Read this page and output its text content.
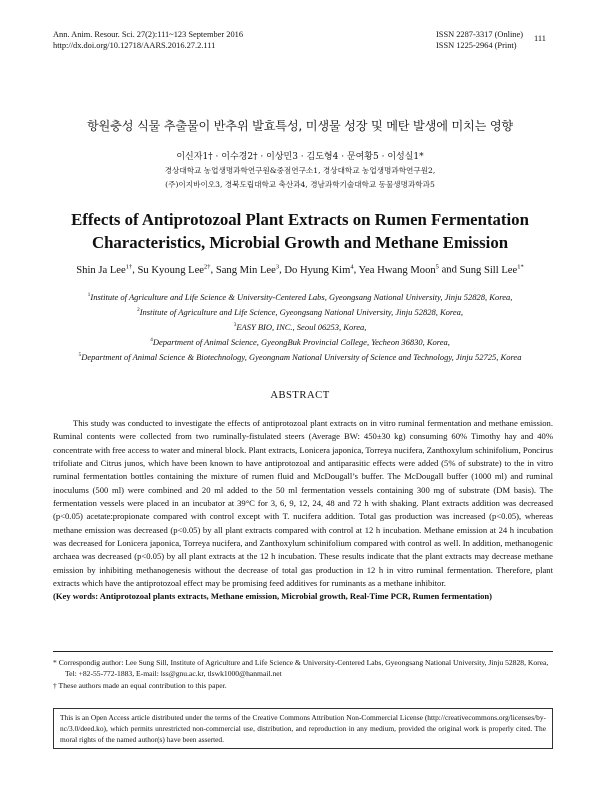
Ann. Anim. Resour. Sci. 27(2):111~123 September 2016
http://dx.doi.org/10.12718/AARS.2016.27.2.111
ISSN 2287-3317 (Online)
ISSN 1225-2964 (Print)
111
항원충성 식물 추출물이 반추위 발효특성, 미생물 성장 및 메탄 발생에 미치는 영향
이신자1† · 이수경2† · 이상민3 · 김도형4 · 문여황5 · 이성실1*
경상대학교 농업생명과학연구원&중점연구소1, 경상대학교 농업생명과학연구원2,
(주)이지바이오3, 경북도립대학교 축산과4, 경남과학기술대학교 동물생명과학과5
Effects of Antiprotozoal Plant Extracts on Rumen Fermentation
Characteristics, Microbial Growth and Methane Emission
Shin Ja Lee$^{1\dagger}$, Su Kyoung Lee$^{2\dagger}$, Sang Min Lee$^3$, Do Hyung Kim$^4$, Yea Hwang Moon$^5$ and Sung Sill Lee$^{1*}$
$^1$Institute of Agriculture and Life Science & University-Centered Labs, Gyeongsang National University, Jinju 52828, Korea,
$^2$Institute of Agriculture and Life Science, Gyeongsang National University, Jinju 52828, Korea,
$^3$EASY BIO, INC., Seoul 06253, Korea,
$^4$Department of Animal Science, GyeongBuk Provincial College, Yecheon 36830, Korea,
$^5$Department of Animal Science & Biotechnology, Gyeongnam National University of Science and Technology, Jinju 52725, Korea
ABSTRACT

This study was conducted to investigate the effects of antiprotozoal plant extracts on in vitro ruminal fermentation and methane emission. Ruminal contents were collected from two ruminally-fistulated steers (Average BW: 450±30 kg) consuming 60% Timothy hay and 40% concentrate with free access to water and mineral block. Plant extracts, Lonicera japonica, Torreya nucifera, Zanthoxylum schinifolium, Poncirus trifoliate and Citrus junos, which have been known to have antiprotozoal and antiparasitic effects were added (5% of substrate) to the in vitro ruminal fermentation bottles containing the mixture of rumen fluid and McDougall’s buffer. The McDougall buffer (1000 ml) and ruminal inoculums (500 ml) were combined and 20 ml added to the 50 ml fermentation vessels containing 300 mg of substrate (DM basis). The fermentation vessels were placed in an incubator at 39°C for 3, 6, 9, 12, 24, 48 and 72 h with shaking. Plant extracts addition was decreased (p<0.05) acetate:propionate compared with control except with T. nucifera addition. Total gas production was increased (p<0.05), whereas methane emission was decreased (p<0.05) by all plant extracts compared with control at 12 h incubation. Methane emission at 24 h incubation was decreased for Lonicera japonica, Torreya nucifera, and Zanthoxylum schinifolium compared with control as well. In addition, methanogenic archaea was decreased (p<0.05) by all plant extracts at the 12 h incubation. These results indicate that the plant extracts may decrease methane emission by inhibiting methanogenesis without the decrease of total gas production in 12 h in vitro ruminal fermentation. Therefore, plant extracts which have the antiprotozoal effect may be promising feed additives for ruminants as a methane inhibitor.

(Key words: Antiprotozoal plants extracts, Methane emission, Microbial growth, Real-Time PCR, Rumen fermentation)

* Correspondig author: Lee Sung Sill, Institute of Agriculture and Life Science & University-Centered Labs, Gyeongsang National University, Jinju 52828, Korea, Tel: +82-55-772-1883, E-mail: lss@gnu.ac.kr, tlswk1000@hanmail.net
† These authors made an equal contribution to this paper.
This is an Open Access article distributed under the terms of the Creative Commons Attribution Non-Commercial License (http://creativecommons.org/licenses/by-nc/3.0/deed.ko), which permits unrestricted non-commercial use, distribution, and reproduction in any medium, provided the original work is properly cited. The moral rights of the named author(s) have been asserted.
